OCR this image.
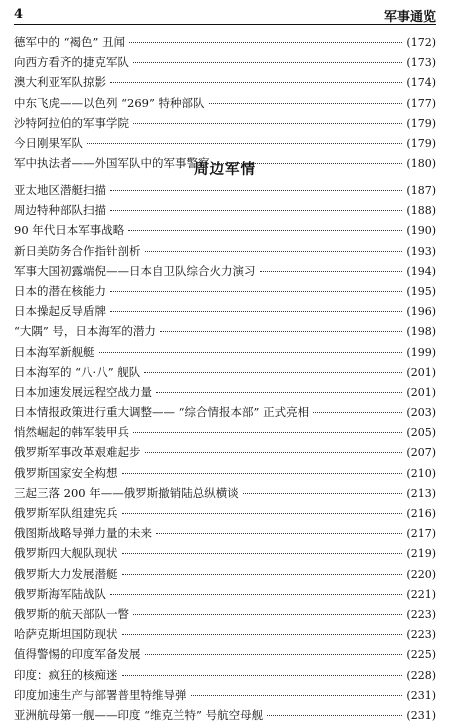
4	军事通览
德军中的 “褐色” 丑闻	(172)
向西方看齐的捷克军队	(173)
澳大利亚军队掠影	(174)
中东飞虎——以色列 “269” 特种部队	(177)
沙特阿拉伯的军事学院	(179)
今日刚果军队	(179)
军中执法者——外国军队中的军事警察	(180)
周边军情
亚太地区潜艇扫描	(187)
周边特种部队扫描	(188)
90 年代日本军事战略	(190)
新日美防务合作指针剖析	(193)
军事大国初露端倪——日本自卫队综合火力演习	(194)
日本的潜在核能力	(195)
日本操起反导盾牌	(196)
“大隅” 号，日本海军的潜力	(198)
日本海军新舰艇	(199)
日本海军的 “八·八” 舰队	(201)
日本加速发展远程空战力量	(201)
日本情报政策进行重大调整—— “综合情报本部” 正式亮相	(203)
悄然崛起的韩军装甲兵	(205)
俄罗斯军事改革艰难起步	(207)
俄罗斯国家安全构想	(210)
三起三落 200 年——俄罗斯撤销陆总纵横谈	(213)
俄罗斯军队组建宪兵	(216)
俄图斯战略导弹力量的未来	(217)
俄罗斯四大舰队现状	(219)
俄罗斯大力发展潜艇	(220)
俄罗斯海军陆战队	(221)
俄罗斯的航天部队一瞥	(223)
哈萨克斯坦国防现状	(223)
值得警惕的印度军备发展	(225)
印度：疯狂的核痴迷	(228)
印度加速生产与部署普里特维导弹	(231)
亚洲航母第一舰——印度 “维克兰特” 号航空母舰	(231)
